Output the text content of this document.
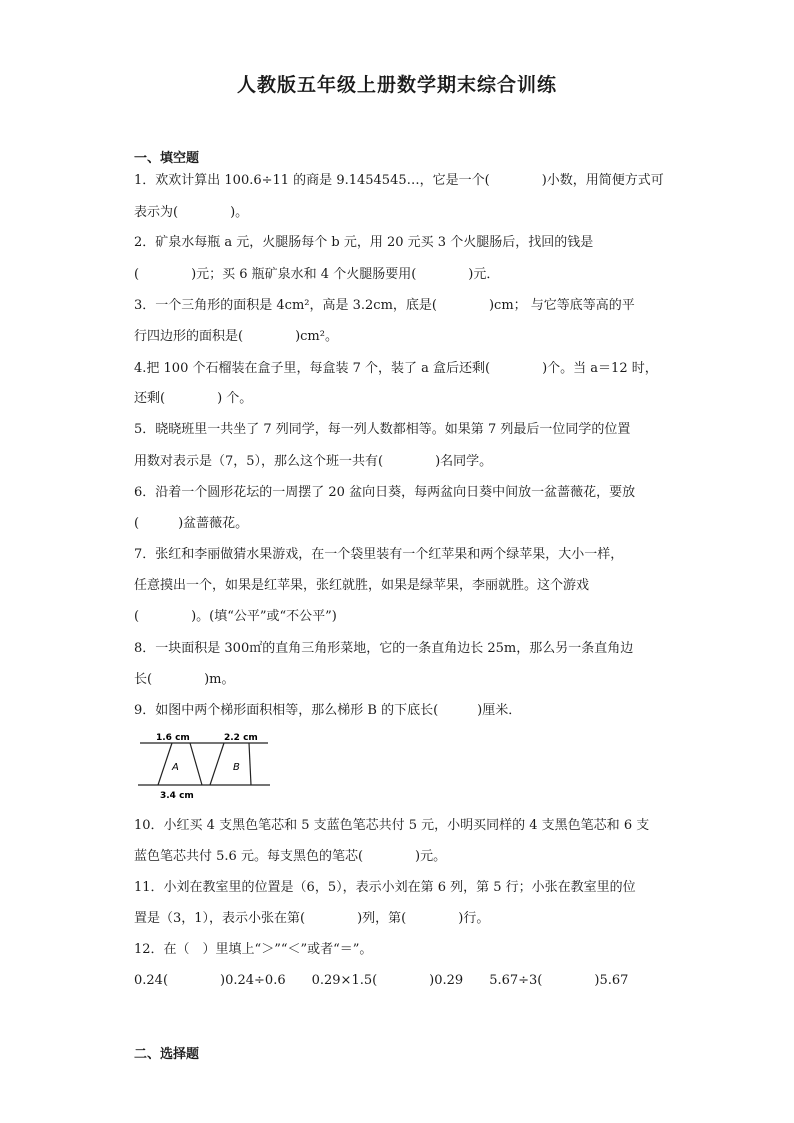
人教版五年级上册数学期末综合训练
一、填空题
1．欢欢计算出 100.6÷11 的商是 9.1454545…，它是一个(　　　　)小数，用简便方式可
表示为(　　　　)。
2．矿泉水每瓶 a 元，火腿肠每个 b 元，用 20 元买 3 个火腿肠后，找回的钱是
(　　　　)元；买 6 瓶矿泉水和 4 个火腿肠要用(　　　　)元．
3．一个三角形的面积是 4cm²，高是 3.2cm，底是(　　　　)cm； 与它等底等高的平
行四边形的面积是(　　　　)cm²。
4.把 100 个石榴装在盒子里，每盒装 7 个，装了 a 盒后还剩(　　　　)个。当 a＝12 时，
还剩(　　　　) 个。
5．晓晓班里一共坐了 7 列同学，每一列人数都相等。如果第 7 列最后一位同学的位置
用数对表示是（7，5），那么这个班一共有(　　　　)名同学。
6．沿着一个圆形花坛的一周摆了 20 盆向日葵，每两盆向日葵中间放一盆蔷薇花，要放
(　　　)盆蔷薇花。
7．张红和李丽做猜水果游戏，在一个袋里装有一个红苹果和两个绿苹果，大小一样，
任意摸出一个，如果是红苹果，张红就胜，如果是绿苹果，李丽就胜。这个游戏
(　　　　)。(填“公平”或“不公平”)
8．一块面积是 300㎡的直角三角形菜地，它的一条直角边长 25m，那么另一条直角边
长(　　　　)m。
9．如图中两个梯形面积相等，那么梯形 B 的下底长(　　　)厘米．
1.6 cm	2.2 cm
A	B
3.4 cm
10．小红买 4 支黑色笔芯和 5 支蓝色笔芯共付 5 元，小明买同样的 4 支黑色笔芯和 6 支
蓝色笔芯共付 5.6 元。每支黑色的笔芯(　　　　)元。
11．小刘在教室里的位置是（6，5），表示小刘在第 6 列，第 5 行；小张在教室里的位
置是（3，1），表示小张在第(　　　　)列，第(　　　　)行。
12．在（　）里填上“＞”“＜”或者“＝”。
0.24(　　　　)0.24÷0.6　　0.29×1.5(　　　　)0.29　　5.67÷3(　　　　)5.67
二、选择题
